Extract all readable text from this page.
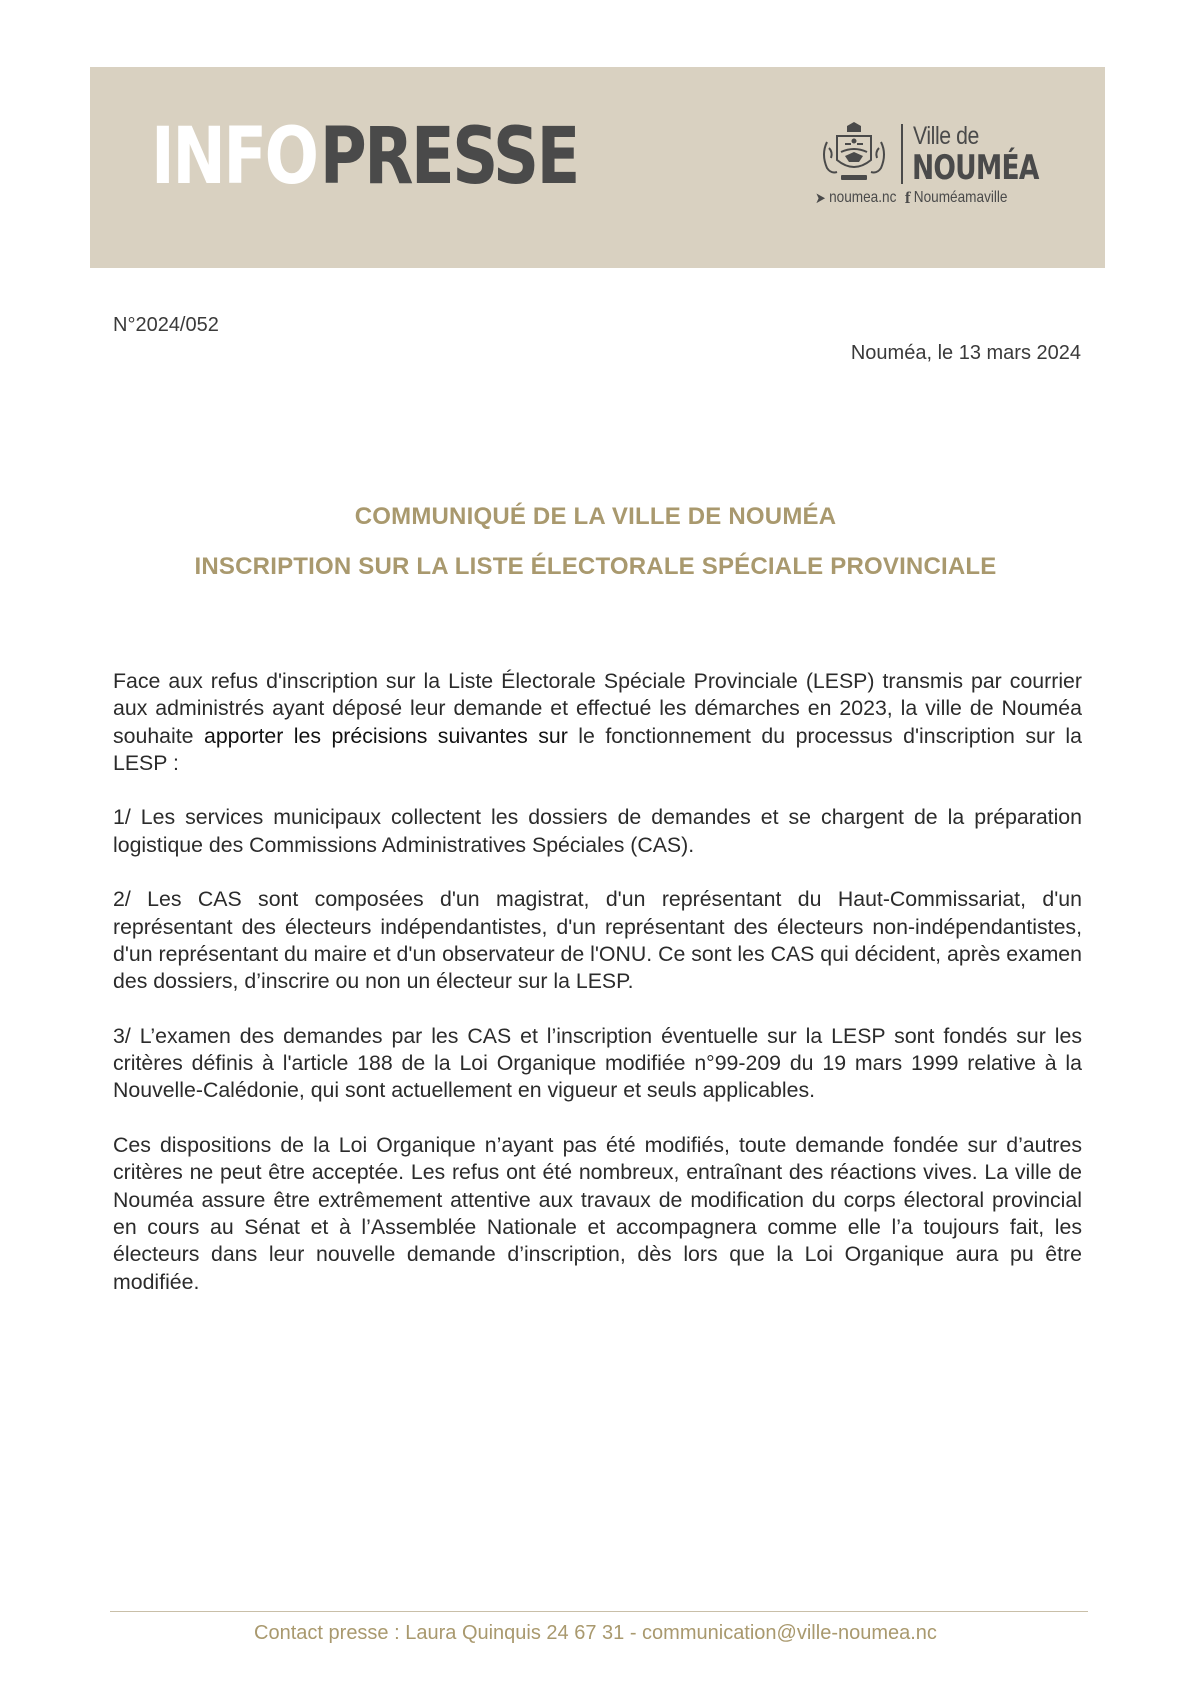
INFO PRESSE	Ville de
NOUMÉA
➤ noumea.nc f Nouméamaville
N°2024/052
Nouméa, le 13 mars 2024
COMMUNIQUÉ DE LA VILLE DE NOUMÉA
INSCRIPTION SUR LA LISTE ÉLECTORALE SPÉCIALE PROVINCIALE

Face aux refus d'inscription sur la Liste Électorale Spéciale Provinciale (LESP) transmis par courrier aux administrés ayant déposé leur demande et effectué les démarches en 2023, la ville de Nouméa souhaite apporter les précisions suivantes sur le fonctionnement du processus d'inscription sur la LESP :

1/ Les services municipaux collectent les dossiers de demandes et se chargent de la préparation logistique des Commissions Administratives Spéciales (CAS).

2/ Les CAS sont composées d'un magistrat, d'un représentant du Haut-Commissariat, d'un représentant des électeurs indépendantistes, d'un représentant des électeurs non-indépendantistes, d'un représentant du maire et d'un observateur de l'ONU. Ce sont les CAS qui décident, après examen des dossiers, d’inscrire ou non un électeur sur la LESP.

3/ L’examen des demandes par les CAS et l’inscription éventuelle sur la LESP sont fondés sur les critères définis à l'article 188 de la Loi Organique modifiée n°99-209 du 19 mars 1999 relative à la Nouvelle-Calédonie, qui sont actuellement en vigueur et seuls applicables.

Ces dispositions de la Loi Organique n’ayant pas été modifiés, toute demande fondée sur d’autres critères ne peut être acceptée. Les refus ont été nombreux, entraînant des réactions vives. La ville de Nouméa assure être extrêmement attentive aux travaux de modification du corps électoral provincial en cours au Sénat et à l’Assemblée Nationale et accompagnera comme elle l’a toujours fait, les électeurs dans leur nouvelle demande d’inscription, dès lors que la Loi Organique aura pu être modifiée.

Contact presse : Laura Quinquis 24 67 31 - communication@ville-noumea.nc
